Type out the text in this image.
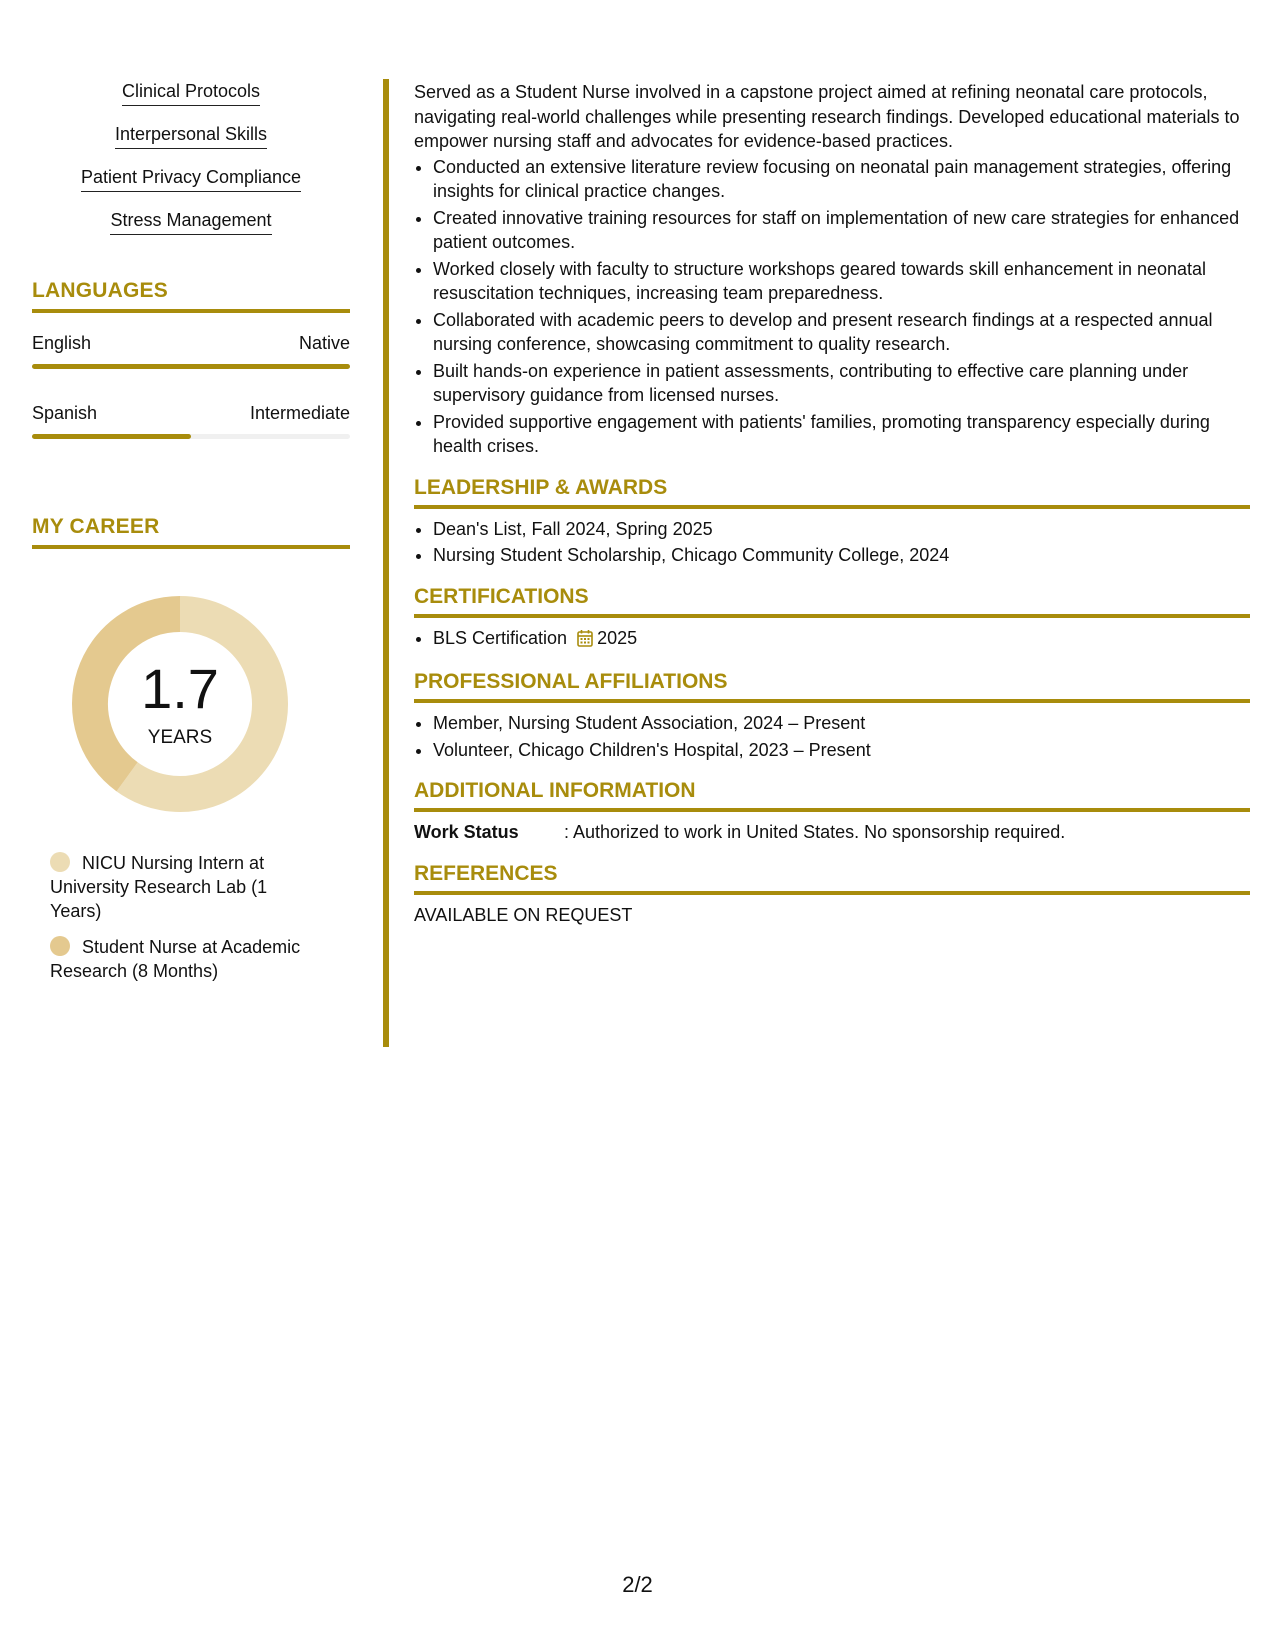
Clinical Protocols
Interpersonal Skills
Patient Privacy Compliance
Stress Management
LANGUAGES
English	Native
Spanish	Intermediate
MY CAREER
1.7
YEARS
NICU Nursing Intern at University Research Lab (1 Years)
Student Nurse at Academic Research (8 Months)

Served as a Student Nurse involved in a capstone project aimed at refining neonatal care protocols, navigating real-world challenges while presenting research findings. Developed educational materials to empower nursing staff and advocates for evidence-based practices.

• Conducted an extensive literature review focusing on neonatal pain management strategies, offering insights for clinical practice changes.
• Created innovative training resources for staff on implementation of new care strategies for enhanced patient outcomes.
• Worked closely with faculty to structure workshops geared towards skill enhancement in neonatal resuscitation techniques, increasing team preparedness.
• Collaborated with academic peers to develop and present research findings at a respected annual nursing conference, showcasing commitment to quality research.
• Built hands-on experience in patient assessments, contributing to effective care planning under supervisory guidance from licensed nurses.
• Provided supportive engagement with patients' families, promoting transparency especially during health crises.
LEADERSHIP & AWARDS
• Dean's List, Fall 2024, Spring 2025
• Nursing Student Scholarship, Chicago Community College, 2024
CERTIFICATIONS
• BLS Certification 2025
PROFESSIONAL AFFILIATIONS
• Member, Nursing Student Association, 2024 – Present
• Volunteer, Chicago Children's Hospital, 2023 – Present
ADDITIONAL INFORMATION
Work Status	: Authorized to work in United States. No sponsorship required.
REFERENCES
AVAILABLE ON REQUEST
2/2
